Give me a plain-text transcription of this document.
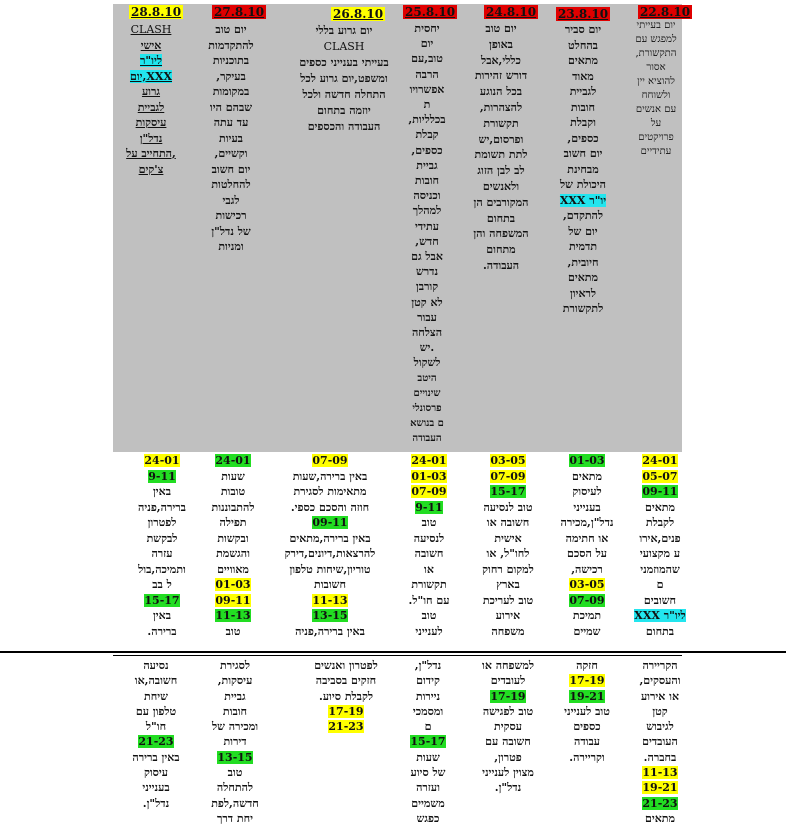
22.8.10
23.8.10
24.8.10
25.8.10
26.8.10
27.8.10
28.8.10
יום בעייתי
למפגש עם
התקשורת,
אסור
להוציא יין
ולשוחח
עם אנשים
על
פרויקטים
עתידיים
יום סביר
בהחלט
מתאים
מאוד
לגביית
חובות
וקבלת
כספים,
יום חשוב
מבחינת
היכולת של
יו"ר XXX
להתקדם,
יום של
תדמית
חיובית,
מתאים
לראיון
לתקשורת
יום טוב
באופן
כללי,אבל
דורש זהירות
בכל הנוגע
להצהרות,
תקשורת
ופרסום,יש
לתת תשומת
לב לבן הזוג
ולאנשים
המקורבים הן
בתחום
המשפחה והן
מתחום
העבודה.
יחסית
יום
טוב,עם
הרבה
אפשרויו
ת
בכלליות,
קבלת
כספים,
גביית
חובות
וכניסה
למהלך
עתידי
חדש,
אבל גם
נדרש
קורבן
לא קטן
עבור
הצלחה
.יש
לשקול
היטב
שינויים
פרסונלי
ם בנושא
העבודה
יום גרוע בללי
CLASH
בעייתי בענייני כספים
ומשפט,יום גרוע לכל
התחלה חדשה ולכל
יוזמה בתחום
העבודה והכספים
יום טוב
להתקדמות
בתוכניות
בעיקר,
במקומות
שבהם היו
עד עתה
בעיות
וקשיים,
יום חשוב
להחלטות
לגבי
רכישות
של נדל"ן
ומניות
CLASH
אישי
ליו"ר
XXX,יום
גרוע
לגביית
עיסקות
נדל"ן
,התחייב על
צ'קים
24-01
05-07
09-11
מתאים
לקבלת
פנים,אירו
ע מקצועי
שהמוזמני
ם
חשובים
ליו"ר XXX
בתחום
01-03
מתאים
לעיסוק
בענייני
נדל"ן,מכירה
או חתימה
על הסכם
רכישה,
03-05
07-09
תמיכת
שמיים
03-05
07-09
15-17
טוב לנסיעה
חשובה או
אישית
לחו"ל, או
למקום רחוק
בארץ
טוב לעריכת
אירוע
משפחה
24-01
01-03
07-09
9-11
טוב
לנסיעה
חשובה
או
תקשורת
עם חו"ל.
טוב
לענייני
07-09
באין ברירה,שעות
מתאימות לסגירת
חוזה והסכם כספי.
09-11
באין ברירה,מתאים
להרצאות,דיונים,דירק
טוריון,שיחות טלפון
חשובות
11-13
13-15
באין ברירה,פניה
24-01
שעות
טובות
להתבוננות
תפילה
ובקשות
והגשמת
מאוויים
01-03
09-11
11-13
טוב
24-01
9-11
באין
ברירה,פניה
לפטרון
לבקשת
עזרה
ותמיכה,בול
ל בב
15-17
באין
ברירה.
הקריירה
והעסקים,
או אירוע
קטן
לגיבוש
העובדים
בחברה.
11-13
19-21
21-23
מתאים
חזקה
17-19
19-21
טוב לענייני
כספים
עבודה
וקריירה.
למשפחה או
לעובדים
17-19
טוב לפגישה
עסקית
חשובה עם
פטרון,
מצוין לענייני
נדל"ן.
נדל"ן,
קידום
ניירות
ומסמכי
ם
15-17
שעות
של סיוע
ועזרה
משמיים
כפגש
לפטרון ואנשים
חזקים בסביבה
לקבלת סיוע.
17-19
21-23
לסגירת
עיסקות,
גביית
חובות
ומכירה של
דירות
13-15
טוב
להתחלה
חדשה,לפת
יחת דרך
נסיעה
חשובה,או
שיחת
טלפון עם
חו"ל
21-23
באין ברירה
עיסוק
בענייני
נדל"ן.
